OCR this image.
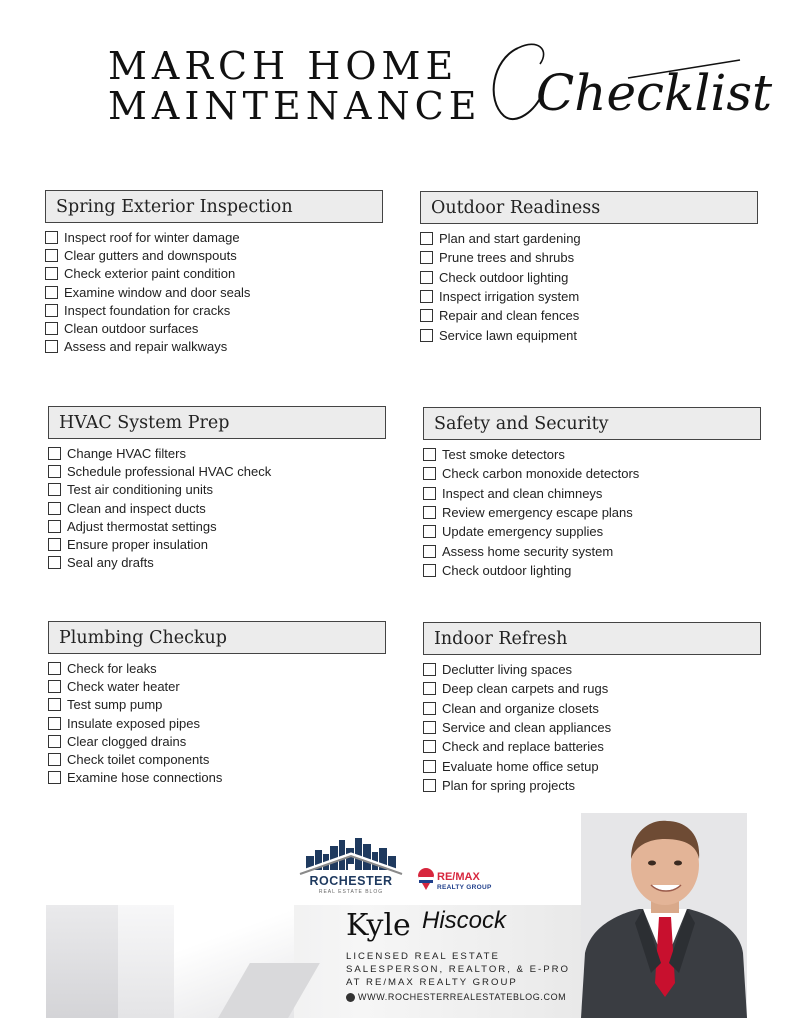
MARCH HOME
MAINTENANCE Checklist
Spring Exterior Inspection
Inspect roof for winter damage
Clear gutters and downspouts
Check exterior paint condition
Examine window and door seals
Inspect foundation for cracks
Clean outdoor surfaces
Assess and repair walkways
Outdoor Readiness
Plan and start gardening
Prune trees and shrubs
Check outdoor lighting
Inspect irrigation system
Repair and clean fences
Service lawn equipment
HVAC System Prep
Change HVAC filters
Schedule professional HVAC check
Test air conditioning units
Clean and inspect ducts
Adjust thermostat settings
Ensure proper insulation
Seal any drafts
Safety and Security
Test smoke detectors
Check carbon monoxide detectors
Inspect and clean chimneys
Review emergency escape plans
Update emergency supplies
Assess home security system
Check outdoor lighting
Plumbing Checkup
Check for leaks
Check water heater
Test sump pump
Insulate exposed pipes
Clear clogged drains
Check toilet components
Examine hose connections
Indoor Refresh
Declutter living spaces
Deep clean carpets and rugs
Clean and organize closets
Service and clean appliances
Check and replace batteries
Evaluate home office setup
Plan for spring projects
ROCHESTER
REAL ESTATE BLOG
RE/MAX
REALTY GROUP
Kyle Hiscock
LICENSED REAL ESTATE
SALESPERSON, REALTOR, & E-PRO
AT RE/MAX REALTY GROUP
WWW.ROCHESTERREALESTATEBLOG.COM
